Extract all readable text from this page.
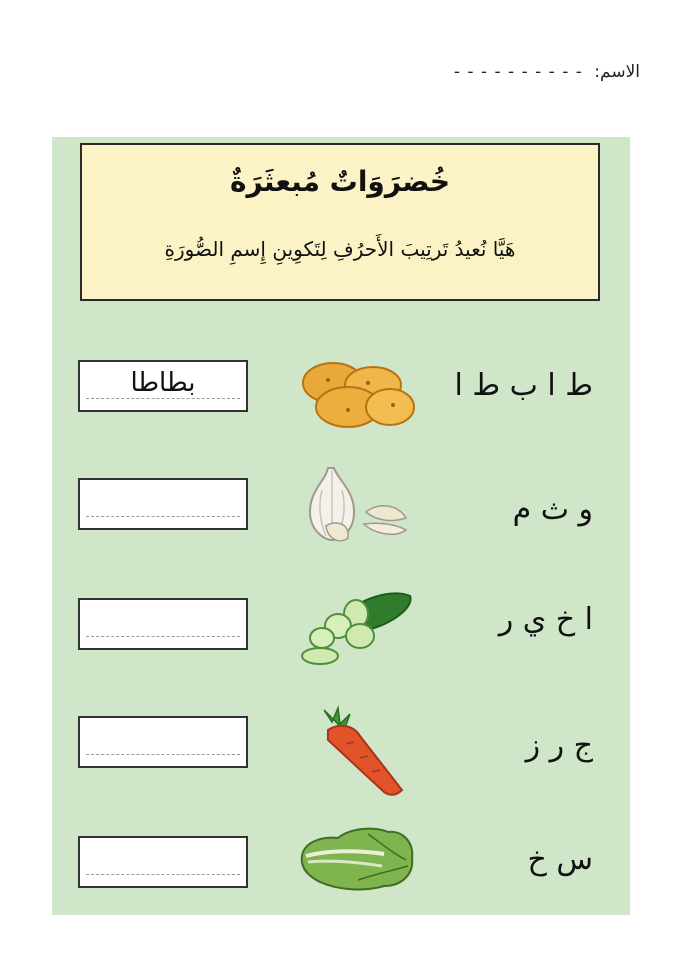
الاسم: - - - - - - - - - -
خُضرَوَاتٌ مُبعثَرَةٌ
هَيَّا نُعيدُ تَرتِيبَ الأَحرُفِ لِتَكوِينِ إِسمِ الصُّورَةِ
بطاطا	ط ا ب ط ا
و ث م
ا خ ي ر
ج ر ز
س خ
